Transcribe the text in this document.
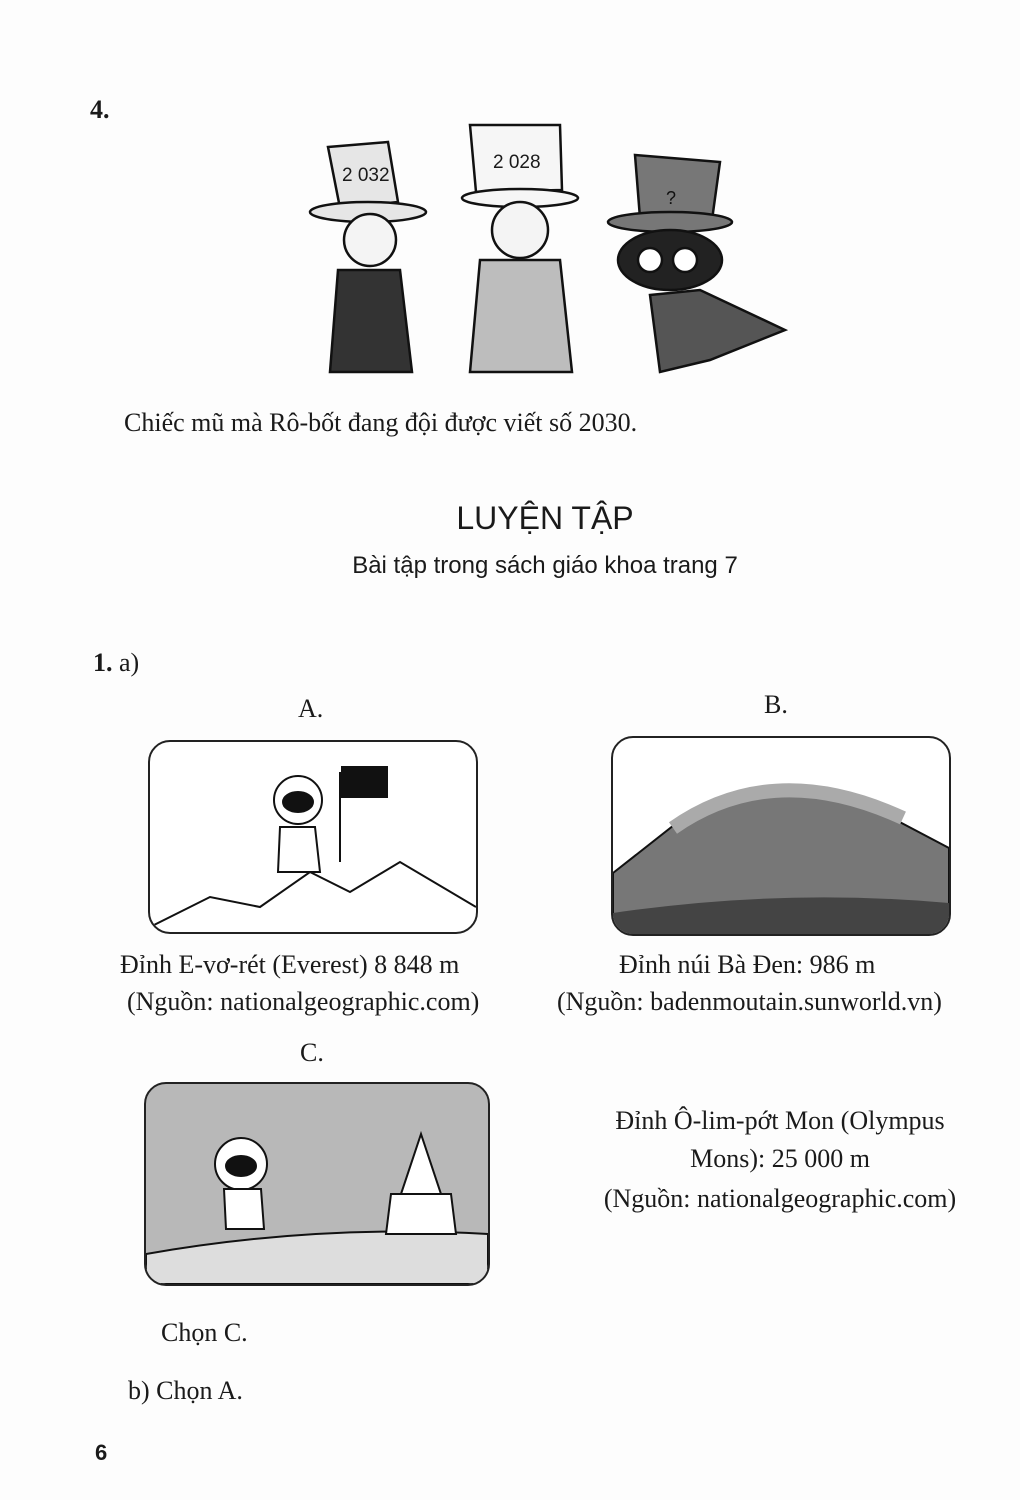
4.
2 032
2 028
?
Chiếc mũ mà Rô-bốt đang đội được viết số 2030.
LUYỆN TẬP
Bài tập trong sách giáo khoa trang 7
1. a)
A.	B.
Đỉnh E-vơ-rét (Everest) 8 848 m
(Nguồn: nationalgeographic.com)
Đỉnh núi Bà Đen: 986 m
(Nguồn: badenmoutain.sunworld.vn)
C.
Đỉnh Ô-lim-pớt Mon (Olympus
Mons): 25 000 m
(Nguồn: nationalgeographic.com)
Chọn C.
b) Chọn A.
6
